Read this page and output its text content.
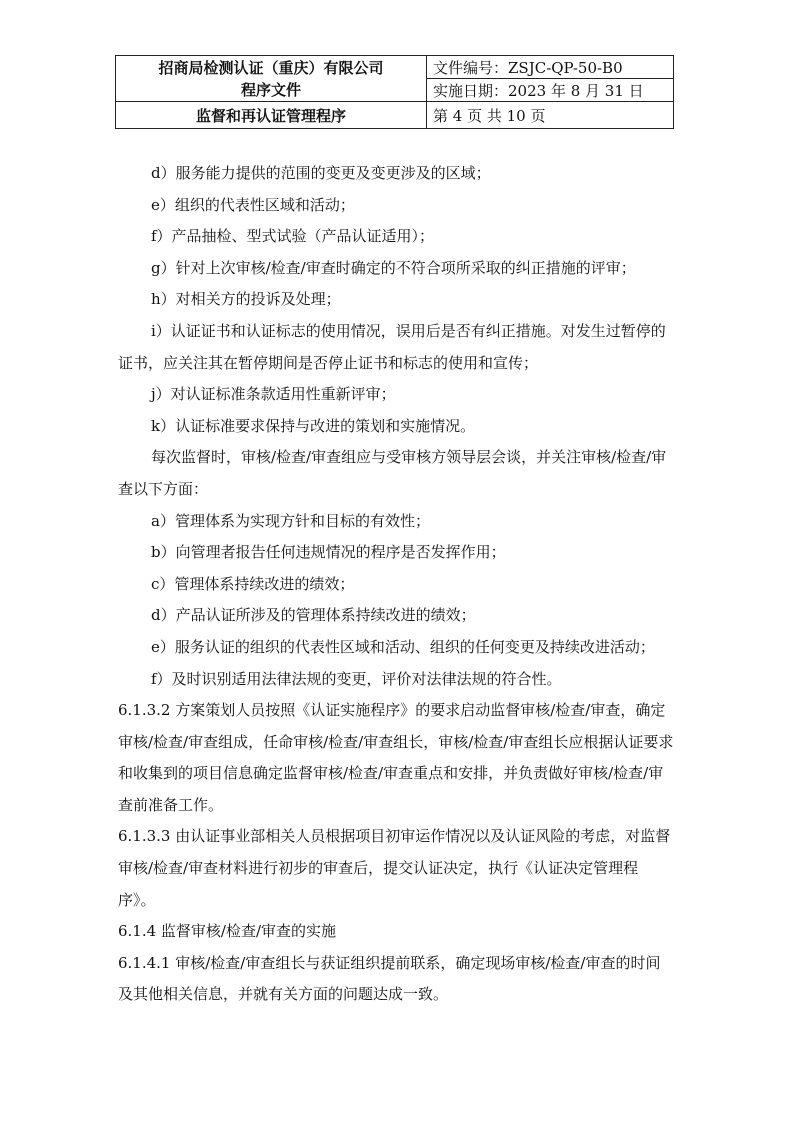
招商局检测认证（重庆）有限公司
程序文件	文件编号：ZSJC-QP-50-B0
	实施日期：2023 年 8 月 31 日
监督和再认证管理程序	第 4 页 共 10 页

d）服务能力提供的范围的变更及变更涉及的区域；

e）组织的代表性区域和活动；

f）产品抽检、型式试验（产品认证适用）；

g）针对上次审核/检查/审查时确定的不符合项所采取的纠正措施的评审；

h）对相关方的投诉及处理；

i）认证证书和认证标志的使用情况，误用后是否有纠正措施。对发生过暂停的证书，应关注其在暂停期间是否停止证书和标志的使用和宣传；

j）对认证标准条款适用性重新评审；

k）认证标准要求保持与改进的策划和实施情况。

每次监督时，审核/检查/审查组应与受审核方领导层会谈，并关注审核/检查/审查以下方面：

a）管理体系为实现方针和目标的有效性；

b）向管理者报告任何违规情况的程序是否发挥作用；

c）管理体系持续改进的绩效；

d）产品认证所涉及的管理体系持续改进的绩效；

e）服务认证的组织的代表性区域和活动、组织的任何变更及持续改进活动；

f）及时识别适用法律法规的变更，评价对法律法规的符合性。

6.1.3.2 方案策划人员按照《认证实施程序》的要求启动监督审核/检查/审查，确定审核/检查/审查组成，任命审核/检查/审查组长，审核/检查/审查组长应根据认证要求和收集到的项目信息确定监督审核/检查/审查重点和安排，并负责做好审核/检查/审查前准备工作。

6.1.3.3 由认证事业部相关人员根据项目初审运作情况以及认证风险的考虑，对监督审核/检查/审查材料进行初步的审查后，提交认证决定，执行《认证决定管理程序》。

6.1.4 监督审核/检查/审查的实施

6.1.4.1 审核/检查/审查组长与获证组织提前联系，确定现场审核/检查/审查的时间及其他相关信息，并就有关方面的问题达成一致。
